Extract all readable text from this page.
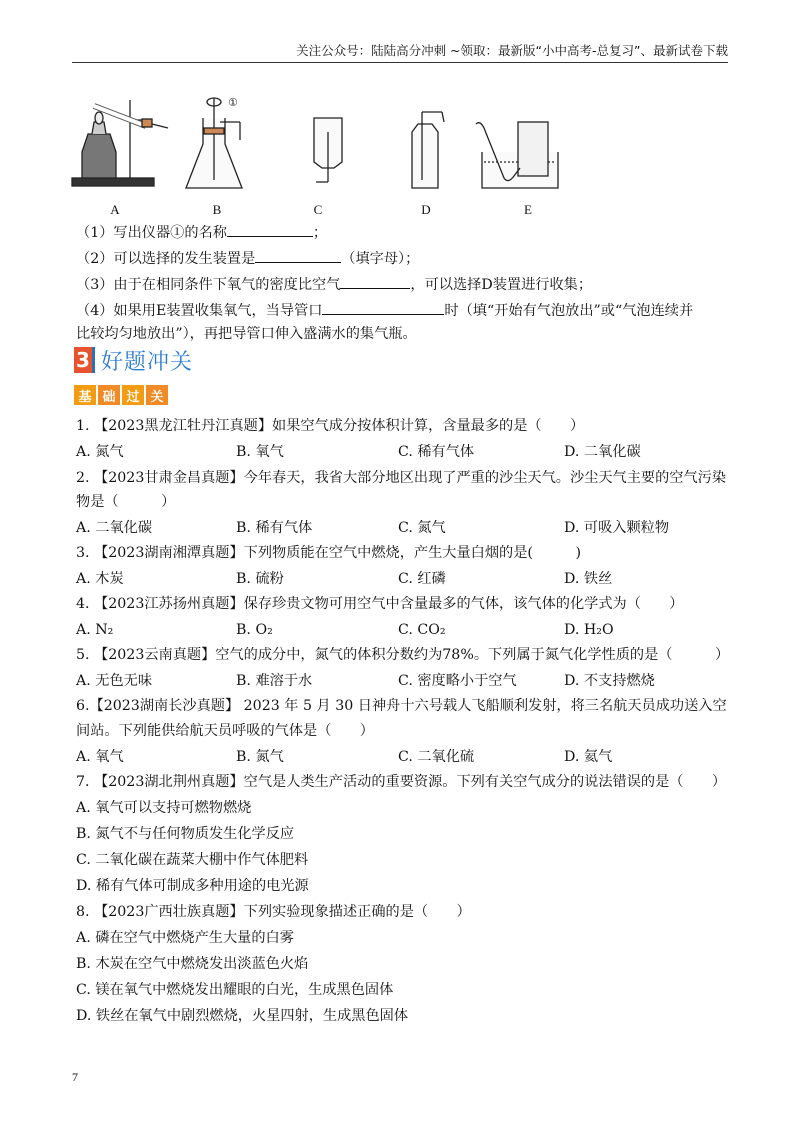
关注公众号：陆陆高分冲刺 ~领取：最新版“小中高考-总复习”、最新试卷下载
①
A	B	C	D	E
（1）写出仪器①的名称	；
（2）可以选择的发生装置是	（填字母）；
（3）由于在相同条件下氧气的密度比空气	，可以选择D装置进行收集；
（4）如果用E装置收集氧气，当导管口	时（填“开始有气泡放出”或“气泡连续并
比较均匀地放出”），再把导管口伸入盛满水的集气瓶。
3 好题冲关
基 础 过 关
1. 【2023黑龙江牡丹江真题】如果空气成分按体积计算，含量最多的是（　　）
A. 氮气	B. 氧气	C. 稀有气体	D. 二氧化碳
2. 【2023甘肃金昌真题】今年春天，我省大部分地区出现了严重的沙尘天气。沙尘天气主要的空气污染
物是（　　　）
A. 二氧化碳	B. 稀有气体	C. 氮气	D. 可吸入颗粒物
3. 【2023湖南湘潭真题】下列物质能在空气中燃烧，产生大量白烟的是(　　　)
A. 木炭	B. 硫粉	C. 红磷	D. 铁丝
4. 【2023江苏扬州真题】保存珍贵文物可用空气中含量最多的气体，该气体的化学式为（　　）
A. N₂	B. O₂	C. CO₂	D. H₂O
5. 【2023云南真题】空气的成分中，氮气的体积分数约为78%。下列属于氮气化学性质的是（　　　）
A. 无色无味	B. 难溶于水	C. 密度略小于空气	D. 不支持燃烧
6.【2023湖南长沙真题】 2023 年 5 月 30 日神舟十六号载人飞船顺利发射，将三名航天员成功送入空
间站。下列能供给航天员呼吸的气体是（　　）
A. 氧气	B. 氮气	C. 二氧化硫	D. 氦气
7. 【2023湖北荆州真题】空气是人类生产活动的重要资源。下列有关空气成分的说法错误的是（　　）
A. 氧气可以支持可燃物燃烧
B. 氮气不与任何物质发生化学反应
C. 二氧化碳在蔬菜大棚中作气体肥料
D. 稀有气体可制成多种用途的电光源
8. 【2023广西壮族真题】下列实验现象描述正确的是（　　）
A. 磷在空气中燃烧产生大量的白雾
B. 木炭在空气中燃烧发出淡蓝色火焰
C. 镁在氧气中燃烧发出耀眼的白光，生成黑色固体
D. 铁丝在氧气中剧烈燃烧，火星四射，生成黑色固体
7
